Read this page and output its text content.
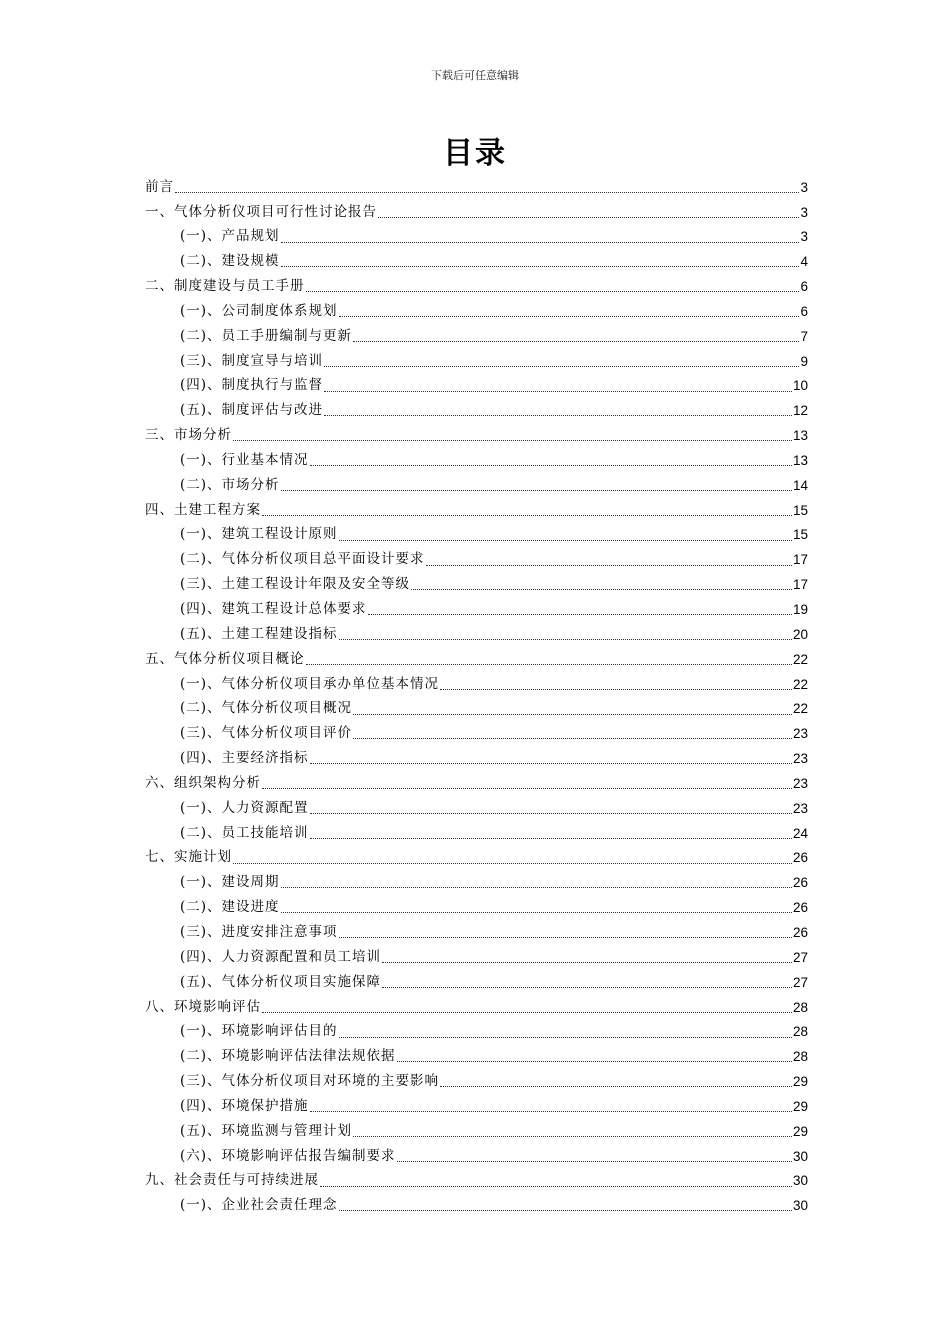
下载后可任意编辑
目录
前言	3
一、气体分析仪项目可行性讨论报告	3
(一)、产品规划	3
(二)、建设规模	4
二、制度建设与员工手册	6
(一)、公司制度体系规划	6
(二)、员工手册编制与更新	7
(三)、制度宣导与培训	9
(四)、制度执行与监督	10
(五)、制度评估与改进	12
三、市场分析	13
(一)、行业基本情况	13
(二)、市场分析	14
四、土建工程方案	15
(一)、建筑工程设计原则	15
(二)、气体分析仪项目总平面设计要求	17
(三)、土建工程设计年限及安全等级	17
(四)、建筑工程设计总体要求	19
(五)、土建工程建设指标	20
五、气体分析仪项目概论	22
(一)、气体分析仪项目承办单位基本情况	22
(二)、气体分析仪项目概况	22
(三)、气体分析仪项目评价	23
(四)、主要经济指标	23
六、组织架构分析	23
(一)、人力资源配置	23
(二)、员工技能培训	24
七、实施计划	26
(一)、建设周期	26
(二)、建设进度	26
(三)、进度安排注意事项	26
(四)、人力资源配置和员工培训	27
(五)、气体分析仪项目实施保障	27
八、环境影响评估	28
(一)、环境影响评估目的	28
(二)、环境影响评估法律法规依据	28
(三)、气体分析仪项目对环境的主要影响	29
(四)、环境保护措施	29
(五)、环境监测与管理计划	29
(六)、环境影响评估报告编制要求	30
九、社会责任与可持续进展	30
(一)、企业社会责任理念	30
